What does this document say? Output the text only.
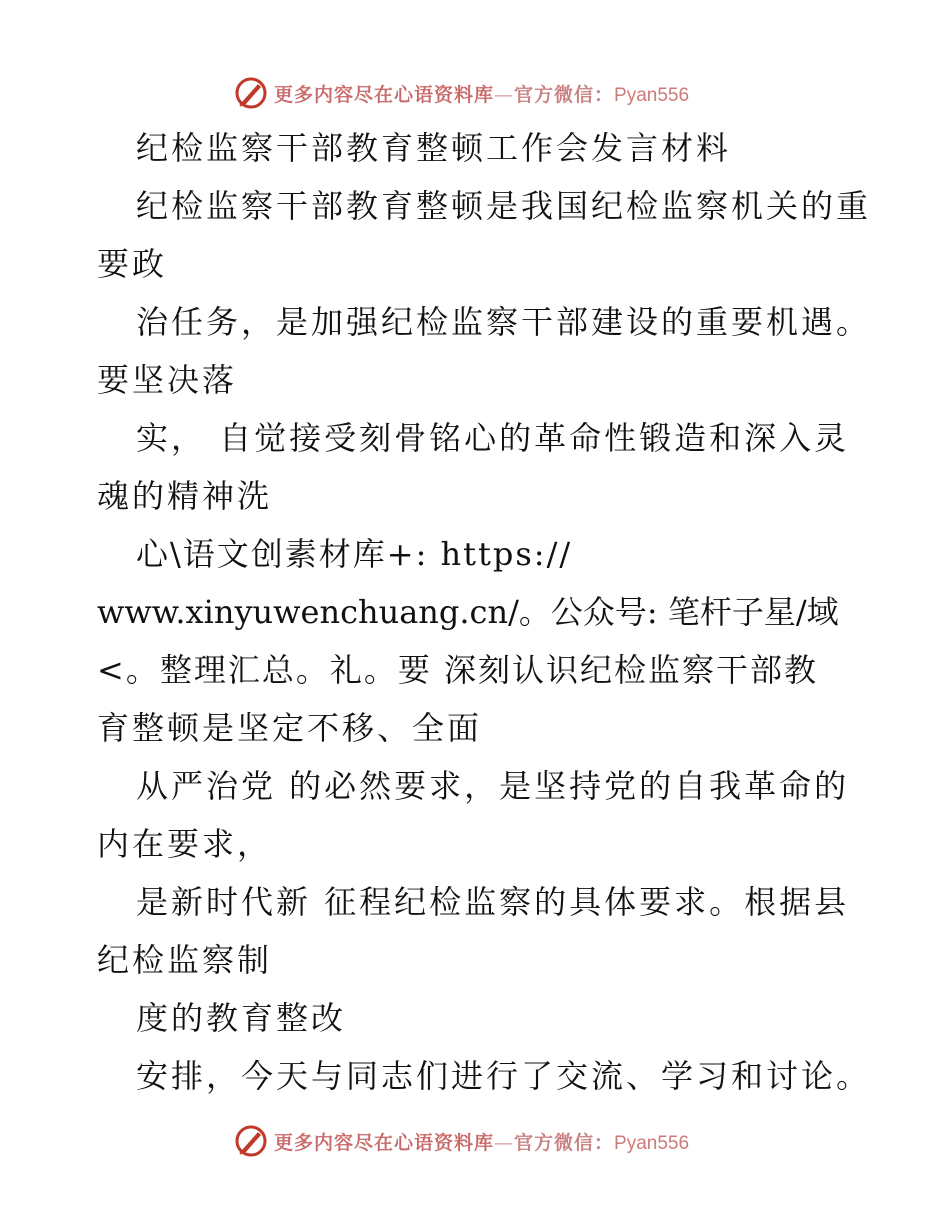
更多内容尽在心语资料库—官方微信：Pyan556
纪检监察干部教育整顿工作会发言材料
纪检监察干部教育整顿是我国纪检监察机关的重
要政
治任务，是加强纪检监察干部建设的重要机遇。
要坚决落
实， 自觉接受刻骨铭心的革命性锻造和深入灵
魂的精神洗
心\语文创素材库+: https://
www.xinyuwenchuang.cn/。公众号: 笔杆子星/域
<。整理汇总。礼。要 深刻认识纪检监察干部教
育整顿是坚定不移、全面
从严治党 的必然要求，是坚持党的自我革命的
内在要求，
是新时代新 征程纪检监察的具体要求。根据县
纪检监察制
度的教育整改
安排，今天与同志们进行了交流、学习和讨论。
更多内容尽在心语资料库—官方微信：Pyan556
